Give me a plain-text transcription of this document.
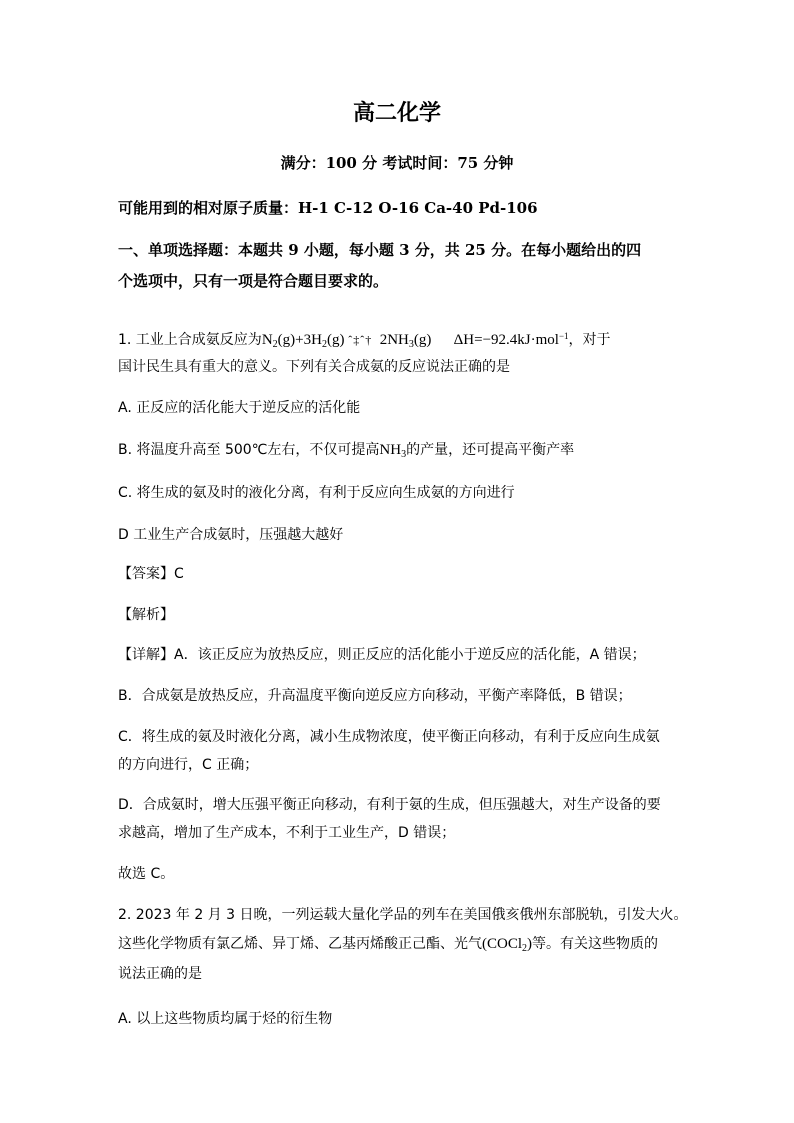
高二化学
满分：100 分 考试时间：75 分钟
可能用到的相对原子质量：H-1 C-12 O-16 Ca-40 Pd-106
一、单项选择题：本题共 9 小题，每小题 3 分，共 25 分。在每小题给出的四
个选项中，只有一项是符合题目要求的。
1. 工业上合成氨反应为$N_2(g)+3H_2(g)$ ˆ‡ˆ† $2NH_3(g)$ ΔH=−92.4kJ·mol$^{-1}$，对于
国计民生具有重大的意义。下列有关合成氨的反应说法正确的是
A. 正反应的活化能大于逆反应的活化能
B. 将温度升高至 500℃左右，不仅可提高$NH_3$的产量，还可提高平衡产率
C. 将生成的氨及时的液化分离，有利于反应向生成氨的方向进行
D 工业生产合成氨时，压强越大越好
【答案】C
【解析】
【详解】A．该正反应为放热反应，则正反应的活化能小于逆反应的活化能，A 错误；
B．合成氨是放热反应，升高温度平衡向逆反应方向移动，平衡产率降低，B 错误；
C．将生成的氨及时液化分离，减小生成物浓度，使平衡正向移动，有利于反应向生成氨
的方向进行，C 正确；
D．合成氨时，增大压强平衡正向移动，有利于氨的生成，但压强越大，对生产设备的要
求越高，增加了生产成本，不利于工业生产，D 错误；
故选 C。
2. 2023 年 2 月 3 日晚，一列运载大量化学品的列车在美国俄亥俄州东部脱轨，引发大火。
这些化学物质有氯乙烯、异丁烯、乙基丙烯酸正己酯、光气(COCl$_2$)等。有关这些物质的
说法正确的是
A. 以上这些物质均属于烃的衍生物
